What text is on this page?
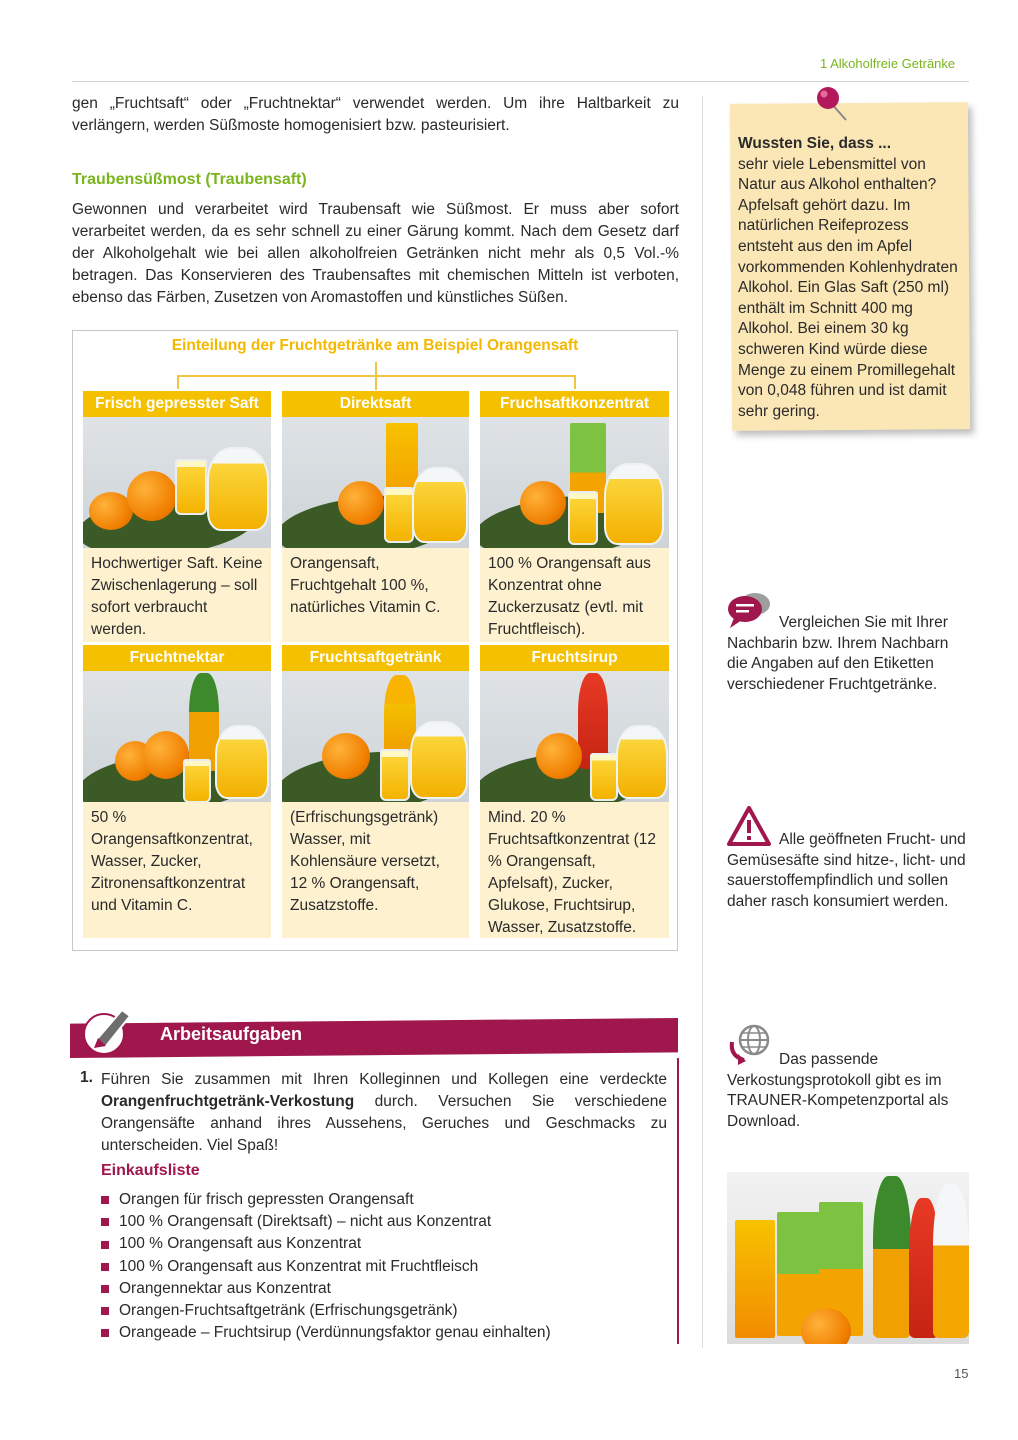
1 Alkoholfreie Getränke
gen „Fruchtsaft“ oder „Fruchtnektar“ verwendet werden. Um ihre Haltbarkeit zu verlängern, werden Süßmoste homogenisiert bzw. pasteurisiert.
Traubensüßmost (Traubensaft)
Gewonnen und verarbeitet wird Traubensaft wie Süßmost. Er muss aber sofort verarbeitet werden, da es sehr schnell zu einer Gärung kommt. Nach dem Gesetz darf der Alkoholgehalt wie bei allen alkoholfreien Getränken nicht mehr als 0,5 Vol.-% betragen. Das Konservieren des Traubensaftes mit chemischen Mitteln ist verboten, ebenso das Färben, Zusetzen von Aromastoffen und künstliches Süßen.
Einteilung der Fruchtgetränke am Beispiel Orangensaft
Frisch gepresster Saft
Hochwertiger Saft. Keine Zwischenlagerung – soll sofort verbraucht werden.
Direktsaft
Orangensaft, Fruchtgehalt 100 %, natürliches Vitamin C.
Fruchsaftkonzentrat
100 % Orangensaft aus Konzentrat ohne Zuckerzusatz (evtl. mit Fruchtfleisch).
Fruchtnektar
50 % Orangensaftkonzentrat, Wasser, Zucker, Zitronensaftkonzentrat und Vitamin C.
Fruchtsaftgetränk
(Erfrischungsgetränk) Wasser, mit Kohlensäure versetzt, 12 % Orangensaft, Zusatzstoffe.
Fruchtsirup
Mind. 20 % Fruchtsaftkonzentrat (12 % Orangensaft, Apfelsaft), Zucker, Glukose, Fruchtsirup, Wasser, Zusatzstoffe.
Wussten Sie, dass ...
sehr viele Lebensmittel von Natur aus Alkohol enthalten? Apfelsaft gehört dazu. Im natürlichen Reifeprozess entsteht aus den im Apfel vorkommenden Kohlenhydraten Alkohol. Ein Glas Saft (250 ml) enthält im Schnitt 400 mg Alkohol. Bei einem 30 kg schweren Kind würde diese Menge zu einem Promillegehalt von 0,048 führen und ist damit sehr gering.
Vergleichen Sie mit Ihrer Nachbarin bzw. Ihrem Nachbarn die Angaben auf den Etiketten verschiedener Fruchtgetränke.
Alle geöffneten Frucht- und Gemüsesäfte sind hitze-, licht- und sauerstoffempfindlich und sollen daher rasch konsumiert werden.
Das passende Verkostungsprotokoll gibt es im TRAUNER-Kompetenzportal als Download.
Arbeitsaufgaben
1. Führen Sie zusammen mit Ihren Kolleginnen und Kollegen eine verdeckte Orangenfruchtgetränk-Verkostung durch. Versuchen Sie verschiedene Orangensäfte anhand ihres Aussehens, Geruches und Geschmacks zu unterscheiden. Viel Spaß!
Einkaufsliste
Orangen für frisch gepressten Orangensaft
100 % Orangensaft (Direktsaft) – nicht aus Konzentrat
100 % Orangensaft aus Konzentrat
100 % Orangensaft aus Konzentrat mit Fruchtfleisch
Orangennektar aus Konzentrat
Orangen-Fruchtsaftgetränk (Erfrischungsgetränk)
Orangeade – Fruchtsirup (Verdünnungsfaktor genau einhalten)
15
